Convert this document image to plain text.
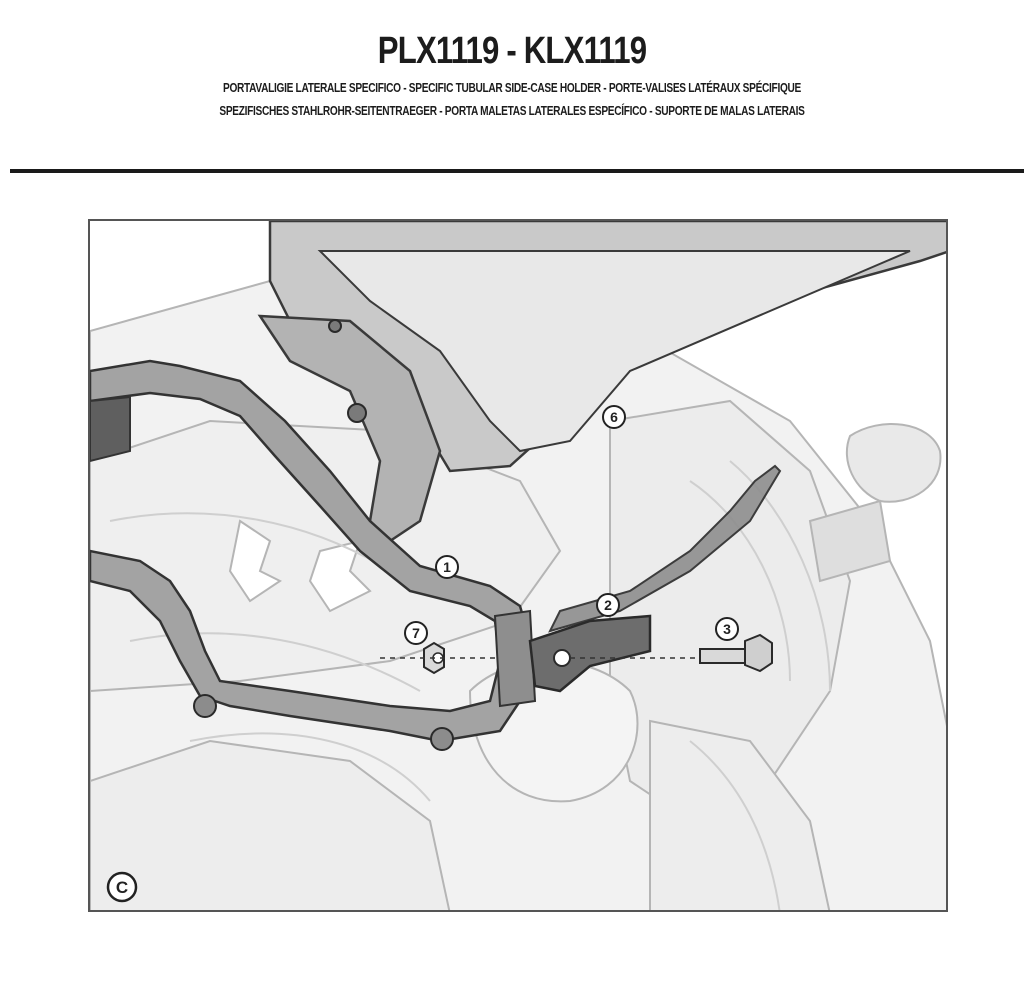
PLX1119 - KLX1119
PORTAVALIGIE LATERALE SPECIFICO - SPECIFIC TUBULAR SIDE-CASE HOLDER - PORTE-VALISES LATÉRAUX SPÉCIFIQUE
SPEZIFISCHES STAHLROHR-SEITENTRAEGER - PORTA MALETAS LATERALES ESPECÍFICO - SUPORTE DE MALAS LATERAIS
1
2
3
6
7
C
